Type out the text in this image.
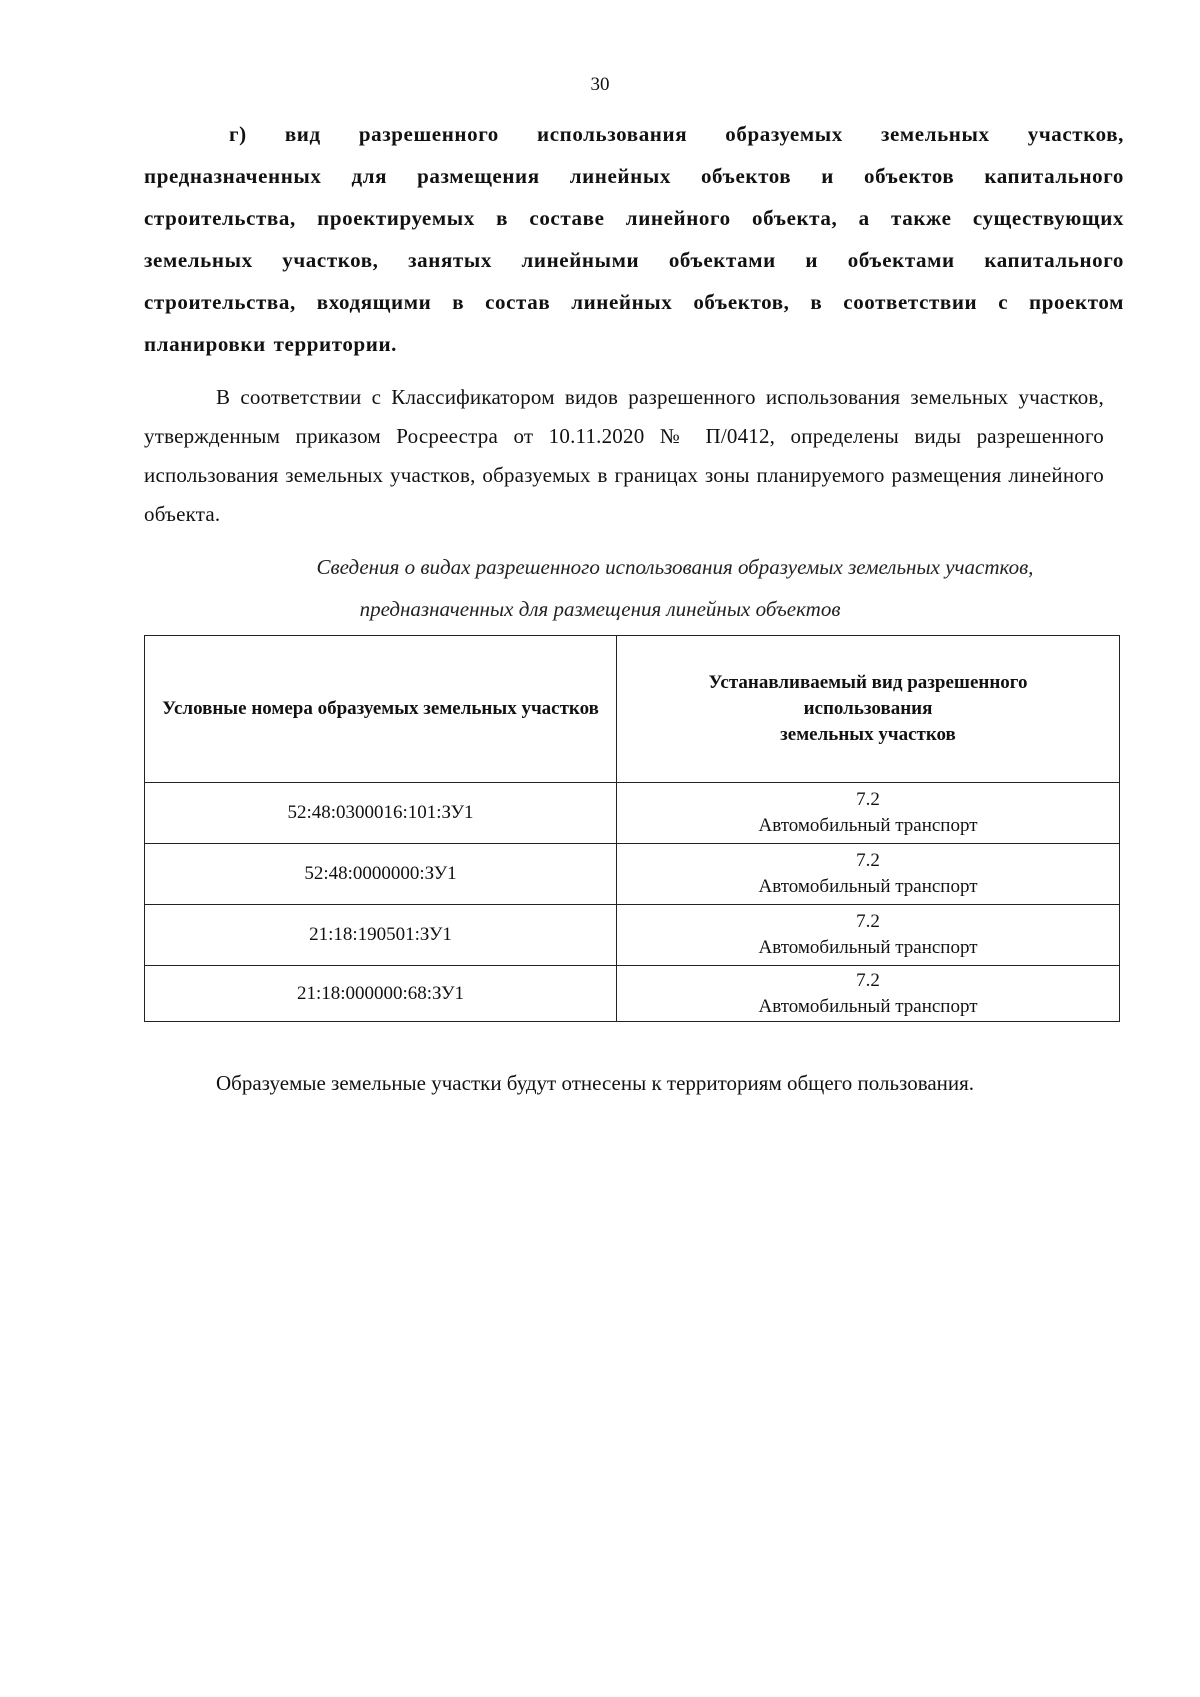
30

г) вид разрешенного использования образуемых земельных участков, предназначенных для размещения линейных объектов и объектов капитального строительства, проектируемых в составе линейного объекта, а также существующих земельных участков, занятых линейными объектами и объектами капитального строительства, входящими в состав линейных объектов, в соответствии с проектом планировки территории.

В соответствии с Классификатором видов разрешенного использования земельных участков, утвержденным приказом Росреестра от 10.11.2020 № П/0412, определены виды разрешенного использования земельных участков, образуемых в границах зоны планируемого размещения линейного объекта.

Сведения о видах разрешенного использования образуемых земельных участков,

предназначенных для размещения линейных объектов

Условные номера образуемых земельных участков	Устанавливаемый вид разрешенного
использования
земельных участков

52:48:0300016:101:ЗУ1	7.2
Автомобильный транспорт

52:48:0000000:ЗУ1	7.2
Автомобильный транспорт

21:18:190501:ЗУ1	7.2
Автомобильный транспорт

21:18:000000:68:ЗУ1	7.2
Автомобильный транспорт

Образуемые земельные участки будут отнесены к территориям общего пользования.
